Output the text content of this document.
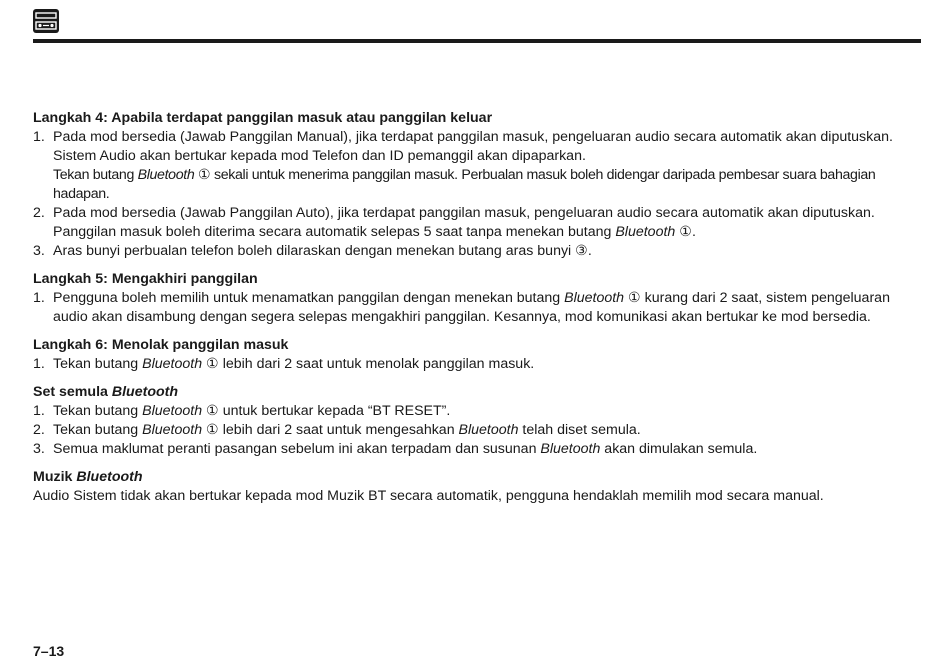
Langkah 4: Apabila terdapat panggilan masuk atau panggilan keluar

1. Pada mod bersedia (Jawab Panggilan Manual), jika terdapat panggilan masuk, pengeluaran audio secara automatik akan diputuskan. Sistem Audio akan bertukar kepada mod Telefon dan ID pemanggil akan dipaparkan.

Tekan butang Bluetooth ① sekali untuk menerima panggilan masuk. Perbualan masuk boleh didengar daripada pembesar suara bahagian hadapan.

2. Pada mod bersedia (Jawab Panggilan Auto), jika terdapat panggilan masuk, pengeluaran audio secara automatik akan diputuskan.

Panggilan masuk boleh diterima secara automatik selepas 5 saat tanpa menekan butang Bluetooth ①.

3. Aras bunyi perbualan telefon boleh dilaraskan dengan menekan butang aras bunyi ③.

Langkah 5: Mengakhiri panggilan

1. Pengguna boleh memilih untuk menamatkan panggilan dengan menekan butang Bluetooth ① kurang dari 2 saat, sistem pengeluaran audio akan disambung dengan segera selepas mengakhiri panggilan. Kesannya, mod komunikasi akan bertukar ke mod bersedia.

Langkah 6: Menolak panggilan masuk

1. Tekan butang Bluetooth ① lebih dari 2 saat untuk menolak panggilan masuk.

Set semula Bluetooth

1. Tekan butang Bluetooth ① untuk bertukar kepada “BT RESET”.

2. Tekan butang Bluetooth ① lebih dari 2 saat untuk mengesahkan Bluetooth telah diset semula.

3. Semua maklumat peranti pasangan sebelum ini akan terpadam dan susunan Bluetooth akan dimulakan semula.

Muzik Bluetooth

Audio Sistem tidak akan bertukar kepada mod Muzik BT secara automatik, pengguna hendaklah memilih mod secara manual.

7–13
